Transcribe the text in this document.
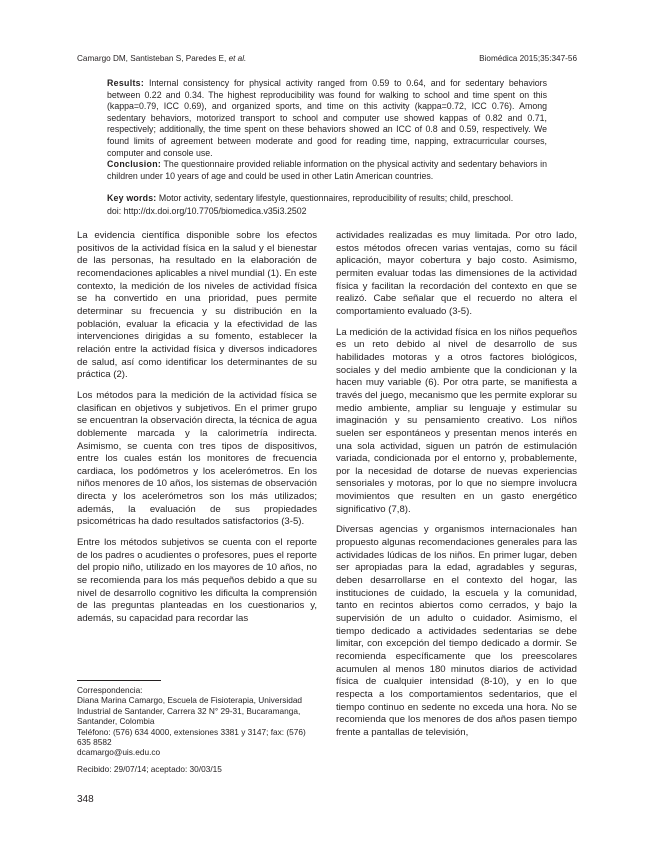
Camargo DM, Santisteban S, Paredes E, et al.	Biomédica 2015;35:347-56

Results: Internal consistency for physical activity ranged from 0.59 to 0.64, and for sedentary behaviors between 0.22 and 0.34. The highest reproducibility was found for walking to school and time spent on this (kappa=0.79, ICC 0.69), and organized sports, and time on this activity (kappa=0.72, ICC 0.76). Among sedentary behaviors, motorized transport to school and computer use showed kappas of 0.82 and 0.71, respectively; additionally, the time spent on these behaviors showed an ICC of 0.8 and 0.59, respectively. We found limits of agreement between moderate and good for reading time, napping, extracurricular courses, computer and console use.

Conclusion: The questionnaire provided reliable information on the physical activity and sedentary behaviors in children under 10 years of age and could be used in other Latin American countries.

Key words: Motor activity, sedentary lifestyle, questionnaires, reproducibility of results; child, preschool.

doi: http://dx.doi.org/10.7705/biomedica.v35i3.2502

La evidencia científica disponible sobre los efectos positivos de la actividad física en la salud y el bienestar de las personas, ha resultado en la elaboración de recomendaciones aplicables a nivel mundial (1). En este contexto, la medición de los niveles de actividad física se ha convertido en una prioridad, pues permite determinar su frecuencia y su distribución en la población, evaluar la eficacia y la efectividad de las intervenciones dirigidas a su fomento, establecer la relación entre la actividad física y diversos indicadores de salud, así como identificar los determinantes de su práctica (2).

Los métodos para la medición de la actividad física se clasifican en objetivos y subjetivos. En el primer grupo se encuentran la observación directa, la técnica de agua doblemente marcada y la calorimetría indirecta. Asimismo, se cuenta con tres tipos de dispositivos, entre los cuales están los monitores de frecuencia cardiaca, los podómetros y los acelerómetros. En los niños menores de 10 años, los sistemas de observación directa y los acelerómetros son los más utilizados; además, la evaluación de sus propiedades psicométricas ha dado resultados satisfactorios (3-5).

Entre los métodos subjetivos se cuenta con el reporte de los padres o acudientes o profesores, pues el reporte del propio niño, utilizado en los mayores de 10 años, no se recomienda para los más pequeños debido a que su nivel de desarrollo cognitivo les dificulta la comprensión de las preguntas planteadas en los cuestionarios y, además, su capacidad para recordar las

actividades realizadas es muy limitada. Por otro lado, estos métodos ofrecen varias ventajas, como su fácil aplicación, mayor cobertura y bajo costo. Asimismo, permiten evaluar todas las dimensiones de la actividad física y facilitan la recordación del contexto en que se realizó. Cabe señalar que el recuerdo no altera el comportamiento evaluado (3-5).

La medición de la actividad física en los niños pequeños es un reto debido al nivel de desarrollo de sus habilidades motoras y a otros factores biológicos, sociales y del medio ambiente que la condicionan y la hacen muy variable (6). Por otra parte, se manifiesta a través del juego, mecanismo que les permite explorar su medio ambiente, ampliar su lenguaje y estimular su imaginación y su pensamiento creativo. Los niños suelen ser espontáneos y presentan menos interés en una sola actividad, siguen un patrón de estimulación variada, condicionada por el entorno y, probablemente, por la necesidad de dotarse de nuevas experiencias sensoriales y motoras, por lo que no siempre involucra movimientos que resulten en un gasto energético significativo (7,8).

Diversas agencias y organismos internacionales han propuesto algunas recomendaciones generales para las actividades lúdicas de los niños. En primer lugar, deben ser apropiadas para la edad, agradables y seguras, deben desarrollarse en el contexto del hogar, las instituciones de cuidado, la escuela y la comunidad, tanto en recintos abiertos como cerrados, y bajo la supervisión de un adulto o cuidador. Asimismo, el tiempo dedicado a actividades sedentarias se debe limitar, con excepción del tiempo dedicado a dormir. Se recomienda específicamente que los preescolares acumulen al menos 180 minutos diarios de actividad física de cualquier intensidad (8-10), y en lo que respecta a los comportamientos sedentarios, que el tiempo continuo en sedente no exceda una hora. No se recomienda que los menores de dos años pasen tiempo frente a pantallas de televisión,

Correspondencia:

Diana Marina Camargo, Escuela de Fisioterapia, Universidad Industrial de Santander, Carrera 32 N° 29-31, Bucaramanga, Santander, Colombia

Teléfono: (576) 634 4000, extensiones 3381 y 3147; fax: (576) 635 8582

dcamargo@uis.edu.co

Recibido: 29/07/14; aceptado: 30/03/15
348
